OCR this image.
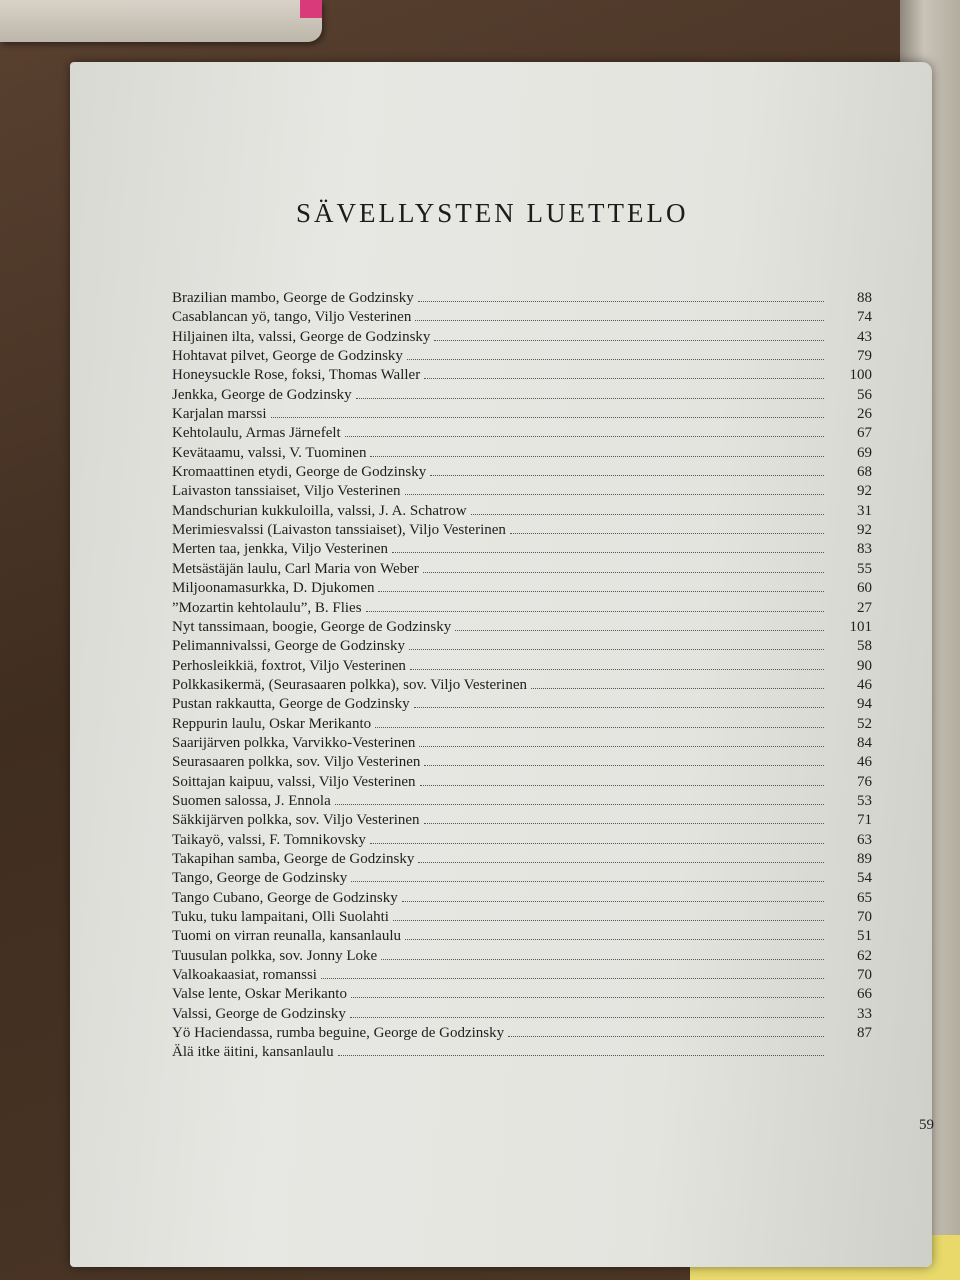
SÄVELLYSTEN LUETTELO
Brazilian mambo, George de Godzinsky	88
Casablancan yö, tango, Viljo Vesterinen	74
Hiljainen ilta, valssi, George de Godzinsky	43
Hohtavat pilvet, George de Godzinsky	79
Honeysuckle Rose, foksi, Thomas Waller	100
Jenkka, George de Godzinsky	56
Karjalan marssi	26
Kehtolaulu, Armas Järnefelt	67
Kevätaamu, valssi, V. Tuominen	69
Kromaattinen etydi, George de Godzinsky	68
Laivaston tanssiaiset, Viljo Vesterinen	92
Mandschurian kukkuloilla, valssi, J. A. Schatrow	31
Merimiesvalssi (Laivaston tanssiaiset), Viljo Vesterinen	92
Merten taa, jenkka, Viljo Vesterinen	83
Metsästäjän laulu, Carl Maria von Weber	55
Miljoonamasurkka, D. Djukomen	60
”Mozartin kehtolaulu”, B. Flies	27
Nyt tanssimaan, boogie, George de Godzinsky	101
Pelimannivalssi, George de Godzinsky	58
Perhosleikkiä, foxtrot, Viljo Vesterinen	90
Polkkasikermä, (Seurasaaren polkka), sov. Viljo Vesterinen	46
Pustan rakkautta, George de Godzinsky	94
Reppurin laulu, Oskar Merikanto	52
Saarijärven polkka, Varvikko-Vesterinen	84
Seurasaaren polkka, sov. Viljo Vesterinen	46
Soittajan kaipuu, valssi, Viljo Vesterinen	76
Suomen salossa, J. Ennola	53
Säkkijärven polkka, sov. Viljo Vesterinen	71
Taikayö, valssi, F. Tomnikovsky	63
Takapihan samba, George de Godzinsky	89
Tango, George de Godzinsky	54
Tango Cubano, George de Godzinsky	65
Tuku, tuku lampaitani, Olli Suolahti	70
Tuomi on virran reunalla, kansanlaulu	51
Tuusulan polkka, sov. Jonny Loke	62
Valkoakaasiat, romanssi	70
Valse lente, Oskar Merikanto	66
Valssi, George de Godzinsky	33
Yö Haciendassa, rumba beguine, George de Godzinsky	87
Älä itke äitini, kansanlaulu
59
